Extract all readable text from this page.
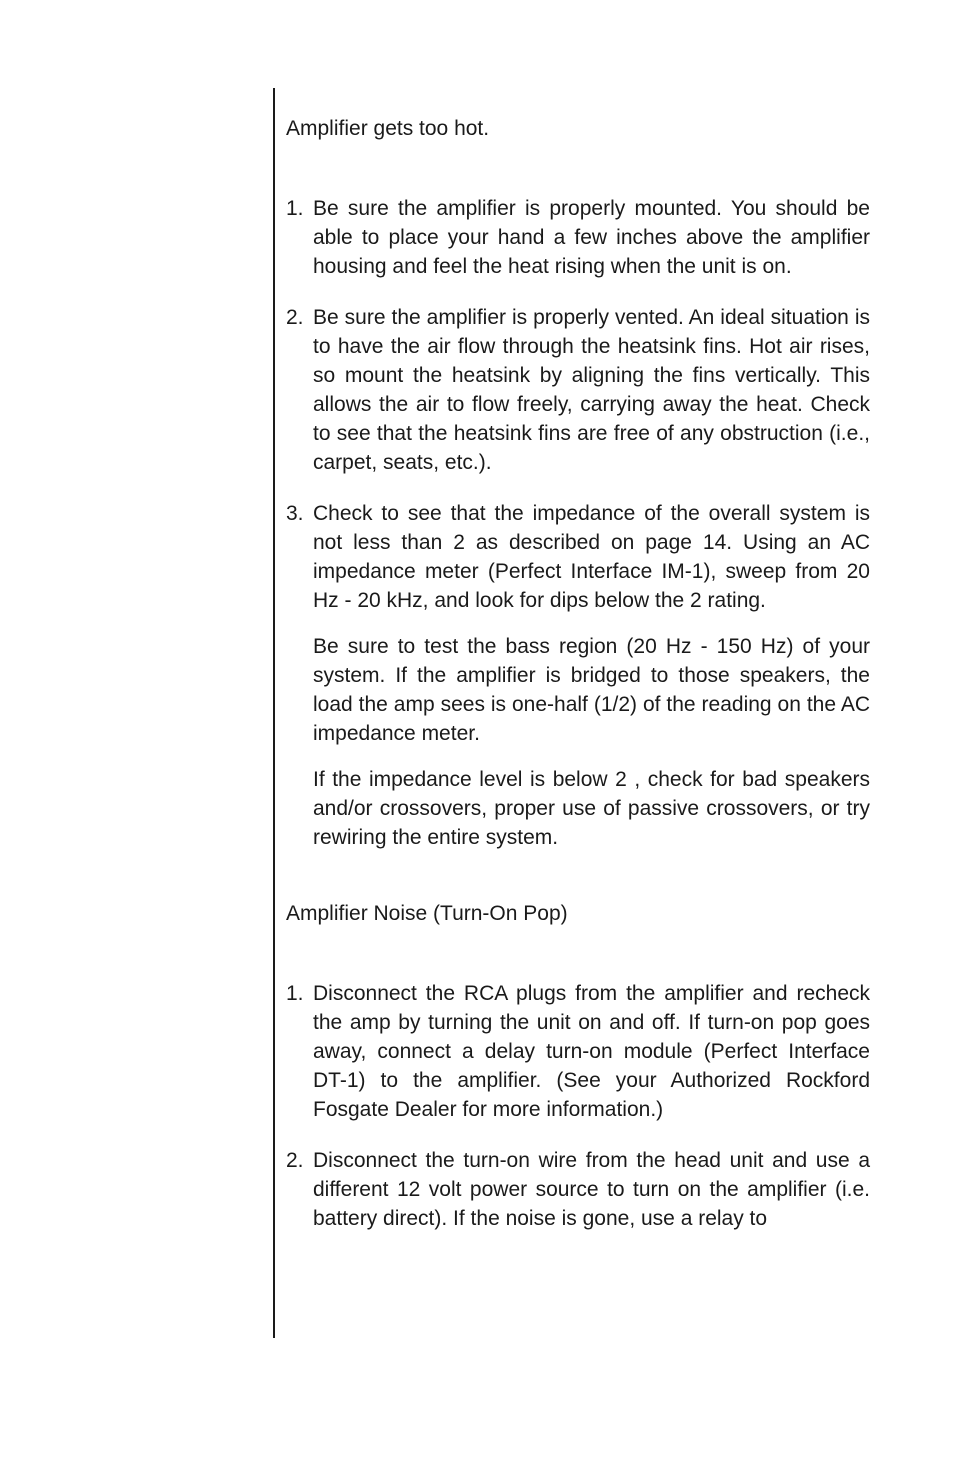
Amplifier gets too hot.
1. Be sure the amplifier is properly mounted. You should be able to place your hand a few inches above the amplifier housing and feel the heat rising when the unit is on.

2. Be sure the amplifier is properly vented. An ideal situation is to have the air flow through the heatsink fins. Hot air rises, so mount the heatsink by aligning the fins vertically. This allows the air to flow freely, carrying away the heat. Check to see that the heatsink fins are free of any obstruction (i.e., carpet, seats, etc.).

3. Check to see that the impedance of the overall system is not less than 2 as described on page 14. Using an AC impedance meter (Perfect Interface IM-1), sweep from 20 Hz - 20 kHz, and look for dips below the 2 rating.

Be sure to test the bass region (20 Hz - 150 Hz) of your system. If the amplifier is bridged to those speakers, the load the amp sees is one-half (1/2) of the reading on the AC impedance meter.

If the impedance level is below 2 , check for bad speakers and/or crossovers, proper use of passive crossovers, or try rewiring the entire system.

Amplifier Noise (Turn-On Pop)
1. Disconnect the RCA plugs from the amplifier and recheck the amp by turning the unit on and off. If turn-on pop goes away, connect a delay turn-on module (Perfect Interface DT-1) to the amplifier. (See your Authorized Rockford Fosgate Dealer for more information.)

2. Disconnect the turn-on wire from the head unit and use a different 12 volt power source to turn on the amplifier (i.e. battery direct). If the noise is gone, use a relay to
